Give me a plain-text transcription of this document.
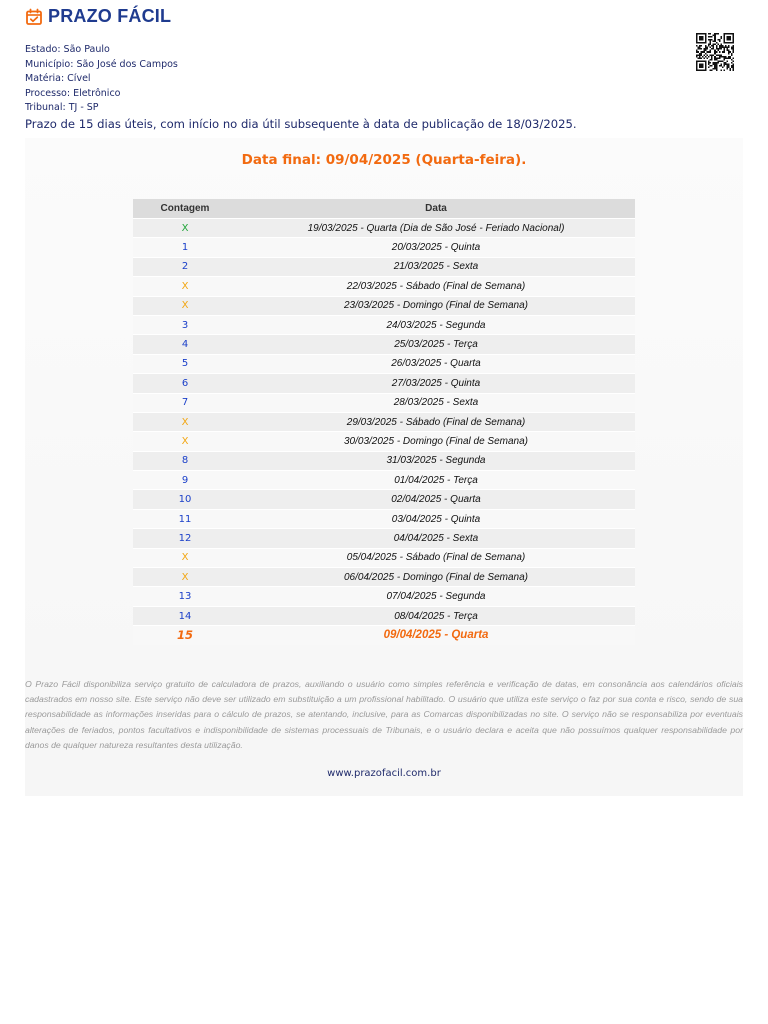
PRAZO FÁCIL
Estado: São Paulo
Município: São José dos Campos
Matéria: Cível
Processo: Eletrônico
Tribunal: TJ - SP
Prazo de 15 dias úteis, com início no dia útil subsequente à data de publicação de 18/03/2025.
Data final: 09/04/2025 (Quarta-feira).
Contagem	Data
X	19/03/2025 - Quarta (Dia de São José - Feriado Nacional)
1	20/03/2025 - Quinta
2	21/03/2025 - Sexta
X	22/03/2025 - Sábado (Final de Semana)
X	23/03/2025 - Domingo (Final de Semana)
3	24/03/2025 - Segunda
4	25/03/2025 - Terça
5	26/03/2025 - Quarta
6	27/03/2025 - Quinta
7	28/03/2025 - Sexta
X	29/03/2025 - Sábado (Final de Semana)
X	30/03/2025 - Domingo (Final de Semana)
8	31/03/2025 - Segunda
9	01/04/2025 - Terça
10	02/04/2025 - Quarta
11	03/04/2025 - Quinta
12	04/04/2025 - Sexta
X	05/04/2025 - Sábado (Final de Semana)
X	06/04/2025 - Domingo (Final de Semana)
13	07/04/2025 - Segunda
14	08/04/2025 - Terça
15	09/04/2025 - Quarta
O Prazo Fácil disponibiliza serviço gratuito de calculadora de prazos, auxiliando o usuário como simples referência e verificação de datas, em consonância aos calendários oficiais cadastrados em nosso site. Este serviço não deve ser utilizado em substituição a um profissional habilitado. O usuário que utiliza este serviço o faz por sua conta e risco, sendo de sua responsabilidade as informações inseridas para o cálculo de prazos, se atentando, inclusive, para as Comarcas disponibilizadas no site. O serviço não se responsabiliza por eventuais alterações de feriados, pontos facultativos e indisponibilidade de sistemas processuais de Tribunais, e o usuário declara e aceita que não possuímos qualquer responsabilidade por danos de qualquer natureza resultantes desta utilização.
www.prazofacil.com.br
